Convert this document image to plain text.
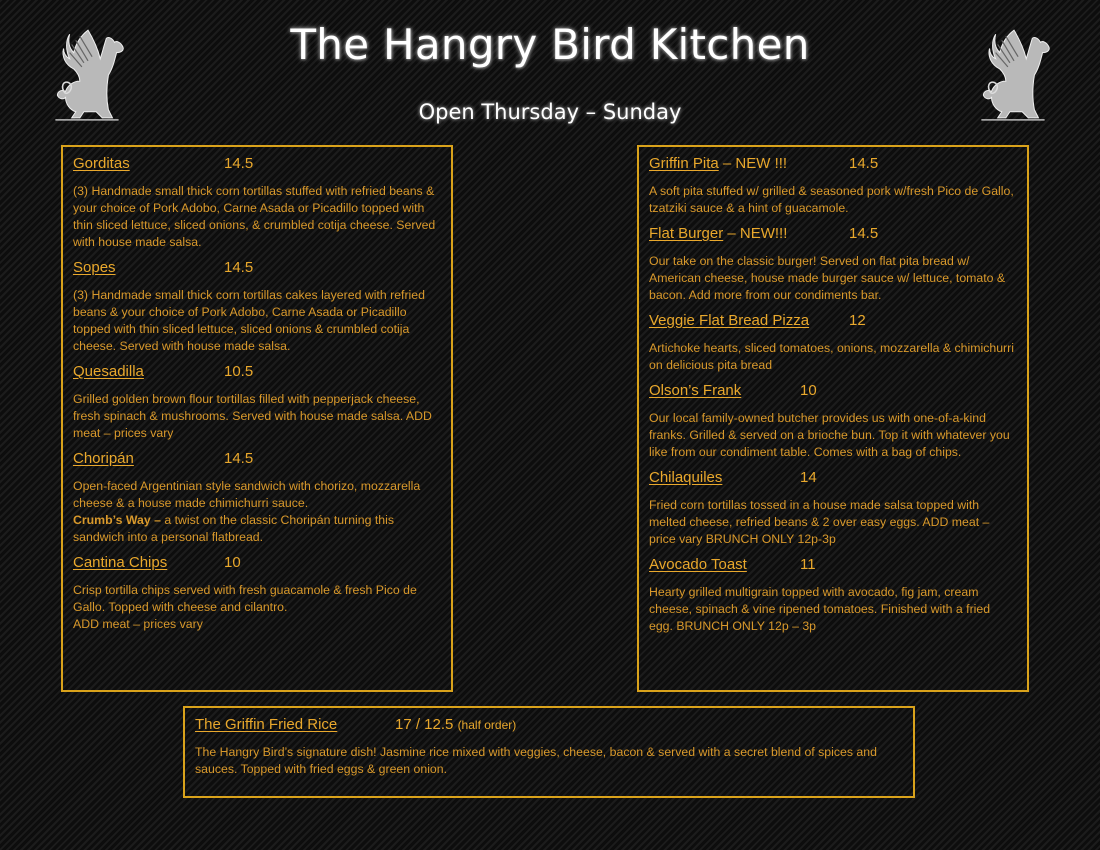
The Hangry Bird Kitchen
Open Thursday – Sunday
Gorditas	14.5
(3) Handmade small thick corn tortillas stuffed with refried beans & your choice of Pork Adobo, Carne Asada or Picadillo topped with thin sliced lettuce, sliced onions, & crumbled cotija cheese. Served with house made salsa.
Sopes	14.5
(3) Handmade small thick corn tortillas cakes layered with refried beans & your choice of Pork Adobo, Carne Asada or Picadillo topped with thin sliced lettuce, sliced onions & crumbled cotija cheese. Served with house made salsa.
Quesadilla	10.5
Grilled golden brown flour tortillas filled with pepperjack cheese, fresh spinach & mushrooms. Served with house made salsa. ADD meat – prices vary
Choripán	14.5
Open-faced Argentinian style sandwich with chorizo, mozzarella cheese & a house made chimichurri sauce.
Crumb’s Way – a twist on the classic Choripán turning this sandwich into a personal flatbread.
Cantina Chips	10
Crisp tortilla chips served with fresh guacamole & fresh Pico de Gallo. Topped with cheese and cilantro.
ADD meat – prices vary
Griffin Pita – NEW !!!	14.5
A soft pita stuffed w/ grilled & seasoned pork w/fresh Pico de Gallo, tzatziki sauce & a hint of guacamole.
Flat Burger – NEW!!!	14.5
Our take on the classic burger! Served on flat pita bread w/ American cheese, house made burger sauce w/ lettuce, tomato & bacon. Add more from our condiments bar.
Veggie Flat Bread Pizza	12
Artichoke hearts, sliced tomatoes, onions, mozzarella & chimichurri on delicious pita bread
Olson’s Frank	10
Our local family-owned butcher provides us with one-of-a-kind franks. Grilled & served on a brioche bun. Top it with whatever you like from our condiment table. Comes with a bag of chips.
Chilaquiles	14
Fried corn tortillas tossed in a house made salsa topped with melted cheese, refried beans & 2 over easy eggs. ADD meat – price vary BRUNCH ONLY 12p-3p
Avocado Toast	11
Hearty grilled multigrain topped with avocado, fig jam, cream cheese, spinach & vine ripened tomatoes. Finished with a fried egg. BRUNCH ONLY 12p – 3p
The Griffin Fried Rice	17 / 12.5 (half order)
The Hangry Bird’s signature dish! Jasmine rice mixed with veggies, cheese, bacon & served with a secret blend of spices and sauces. Topped with fried eggs & green onion.
